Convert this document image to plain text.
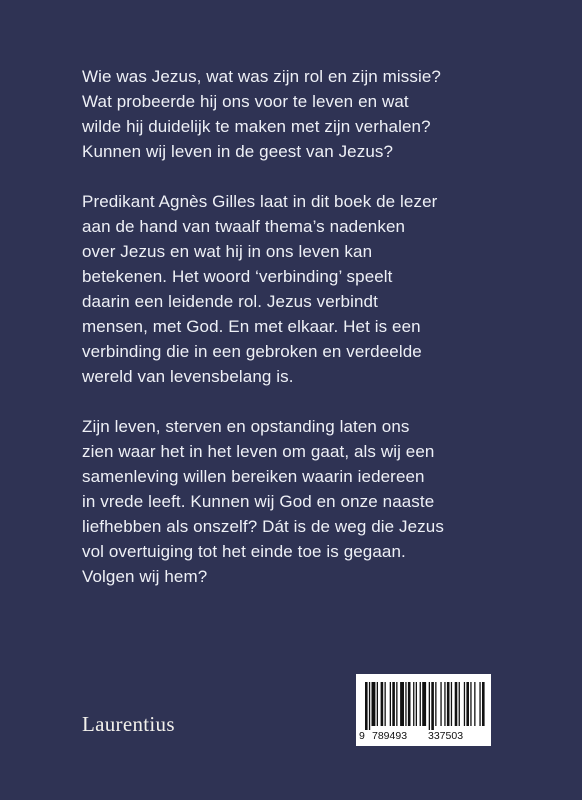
Wie was Jezus, wat was zijn rol en zijn missie?
Wat probeerde hij ons voor te leven en wat
wilde hij duidelijk te maken met zijn verhalen?
Kunnen wij leven in de geest van Jezus?

Predikant Agnès Gilles laat in dit boek de lezer
aan de hand van twaalf thema’s nadenken
over Jezus en wat hij in ons leven kan
betekenen. Het woord ‘verbinding’ speelt
daarin een leidende rol. Jezus verbindt
mensen, met God. En met elkaar. Het is een
verbinding die in een gebroken en verdeelde
wereld van levensbelang is.

Zijn leven, sterven en opstanding laten ons
zien waar het in het leven om gaat, als wij een
samenleving willen bereiken waarin iedereen
in vrede leeft. Kunnen wij God en onze naaste
liefhebben als onszelf? Dát is de weg die Jezus
vol overtuiging tot het einde toe is gegaan.
Volgen wij hem?

Laurentius	9 789493 337503
